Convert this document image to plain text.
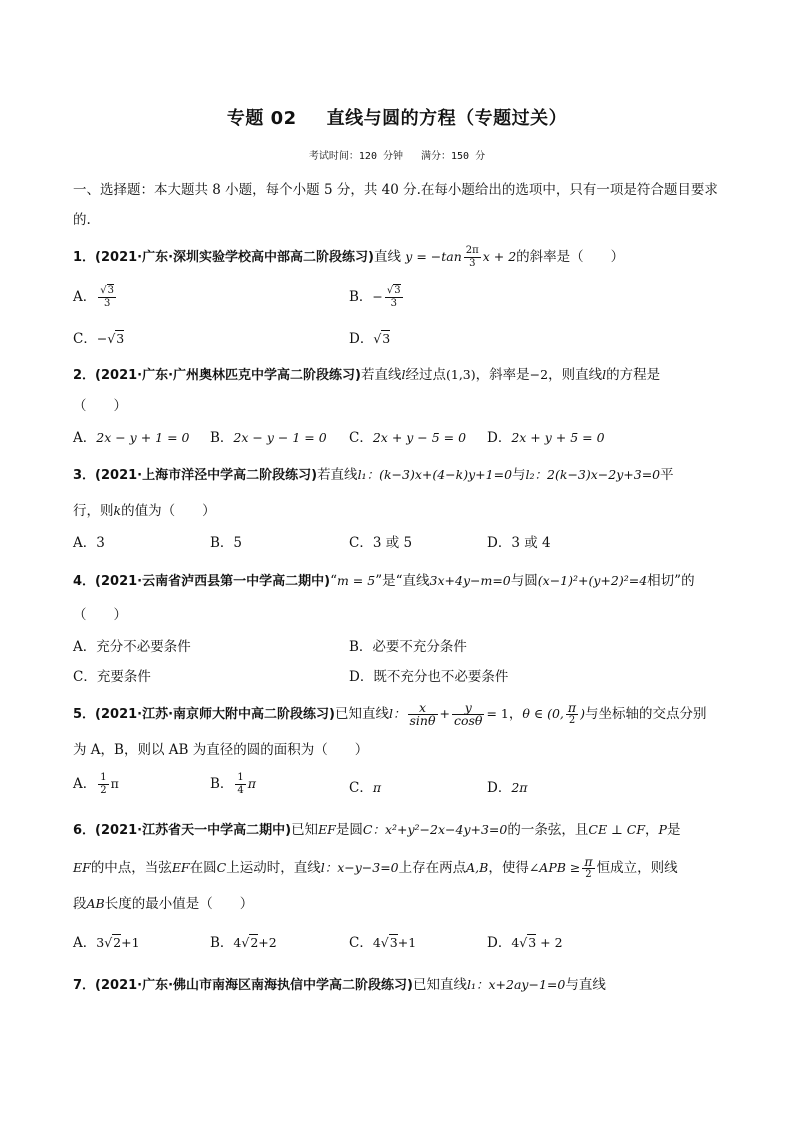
专题 02 直线与圆的方程（专题过关）
考试时间：120 分钟 满分：150 分
一、选择题：本大题共 8 小题，每个小题 5 分，共 40 分.在每小题给出的选项中，只有一项是符合题目要求
的.
1．(2021·广东·深圳实验学校高中部高二阶段练习)直线 $y = -\tan \frac{2\pi}{3}$ x + 2的斜率是（　　）
A． $\frac{√3}{3}$	B．− $\frac{√3}{3}$
C．−√3	D．√3
2．(2021·广东·广州奥林匹克中学高二阶段练习)若直线l经过点(1,3)，斜率是−2，则直线l的方程是
（　　）
A．2x − y + 1 = 0 B．2x − y − 1 = 0 C．2x + y − 5 = 0 D．2x + y + 5 = 0
3．(2021·上海市洋泾中学高二阶段练习)若直线l₁：(k−3)x+(4−k)y+1=0与l₂：2(k−3)x−2y+3=0平
行，则k的值为（　　）
A．3	B．5	C．3 或 5	D．3 或 4
4．(2021·云南省泸西县第一中学高二期中)“m = 5”是“直线3x+4y−m=0与圆(x−1)²+(y+2)²=4相切”的
（　　）
A．充分不必要条件	B．必要不充分条件
C．充要条件	D．既不充分也不必要条件
5．(2021·江苏·南京师大附中高二阶段练习)已知直线l： $\frac{x}{\sin\theta} + \frac{y}{\cos\theta} = 1$，θ ∈ (0, $\frac{\pi}{2}$ )与坐标轴的交点分别
为 A，B，则以 AB 为直径的圆的面积为（　　）
A． $\frac{1}{2}$ π	B． $\frac{1}{4}$ π	C．π	D．2π
6．(2021·江苏省天一中学高二期中)已知EF是圆C：x²+y²−2x−4y+3=0的一条弦，且CE ⊥ CF，P是
EF的中点，当弦EF在圆C上运动时，直线l：x−y−3=0上存在两点A,B，使得∠APB ≥ $\frac{\pi}{2}$ 恒成立，则线
段AB长度的最小值是（　　）
A．3√2+1	B．4√2+2	C．4√3+1	D．4√3 + 2
7．(2021·广东·佛山市南海区南海执信中学高二阶段练习)已知直线l₁：x+2ay−1=0与直线
